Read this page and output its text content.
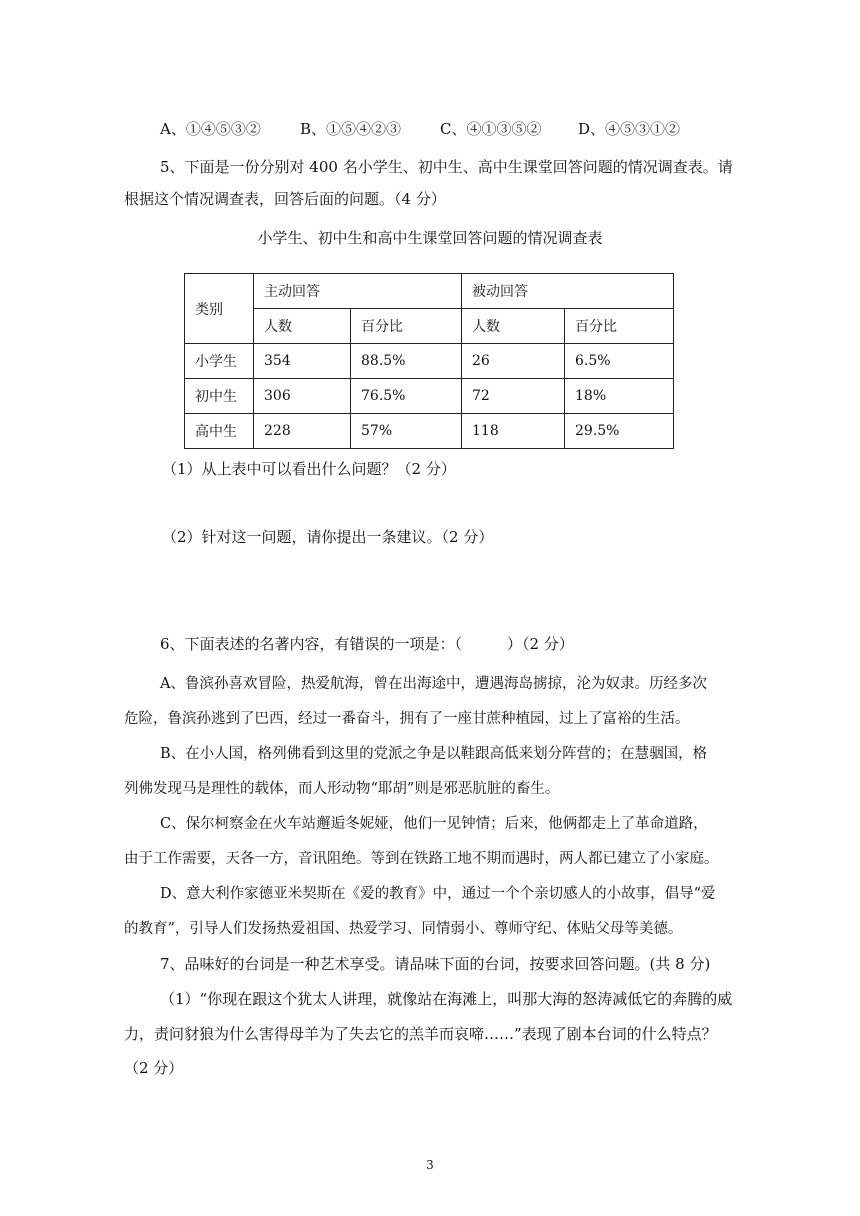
A、①④⑤③②	B、①⑤④②③	C、④①③⑤② D、④⑤③①②
5、下面是一份分别对 400 名小学生、初中生、高中生课堂回答问题的情况调查表。请
根据这个情况调查表，回答后面的问题。（4 分）
小学生、初中生和高中生课堂回答问题的情况调查表
类别	主动回答		被动回答	
	人数	百分比	人数	百分比
小学生	354	88.5%	26	6.5%
初中生	306	76.5%	72	18%
高中生	228	57%	118	29.5%
（1）从上表中可以看出什么问题？（2 分）
（2）针对这一问题，请你提出一条建议。（2 分）
6、下面表述的名著内容，有错误的一项是：（　　　）（2 分）
A、鲁滨孙喜欢冒险，热爱航海，曾在出海途中，遭遇海岛掳掠，沦为奴隶。历经多次
危险，鲁滨孙逃到了巴西，经过一番奋斗，拥有了一座甘蔗种植园，过上了富裕的生活。
B、在小人国，格列佛看到这里的党派之争是以鞋跟高低来划分阵营的；在慧骃国，格
列佛发现马是理性的载体，而人形动物“耶胡”则是邪恶肮脏的畜生。
C、保尔柯察金在火车站邂逅冬妮娅，他们一见钟情；后来，他俩都走上了革命道路，
由于工作需要，天各一方，音讯阻绝。等到在铁路工地不期而遇时，两人都已建立了小家庭。
D、意大利作家德亚米契斯在《爱的教育》中，通过一个个亲切感人的小故事，倡导“爱
的教育”，引导人们发扬热爱祖国、热爱学习、同情弱小、尊师守纪、体贴父母等美德。
7、品味好的台词是一种艺术享受。请品味下面的台词，按要求回答问题。(共 8 分)
（1）“你现在跟这个犹太人讲理，就像站在海滩上，叫那大海的怒涛减低它的奔腾的威
力，责问豺狼为什么害得母羊为了失去它的羔羊而哀啼……”表现了剧本台词的什么特点？
（2 分）
3
